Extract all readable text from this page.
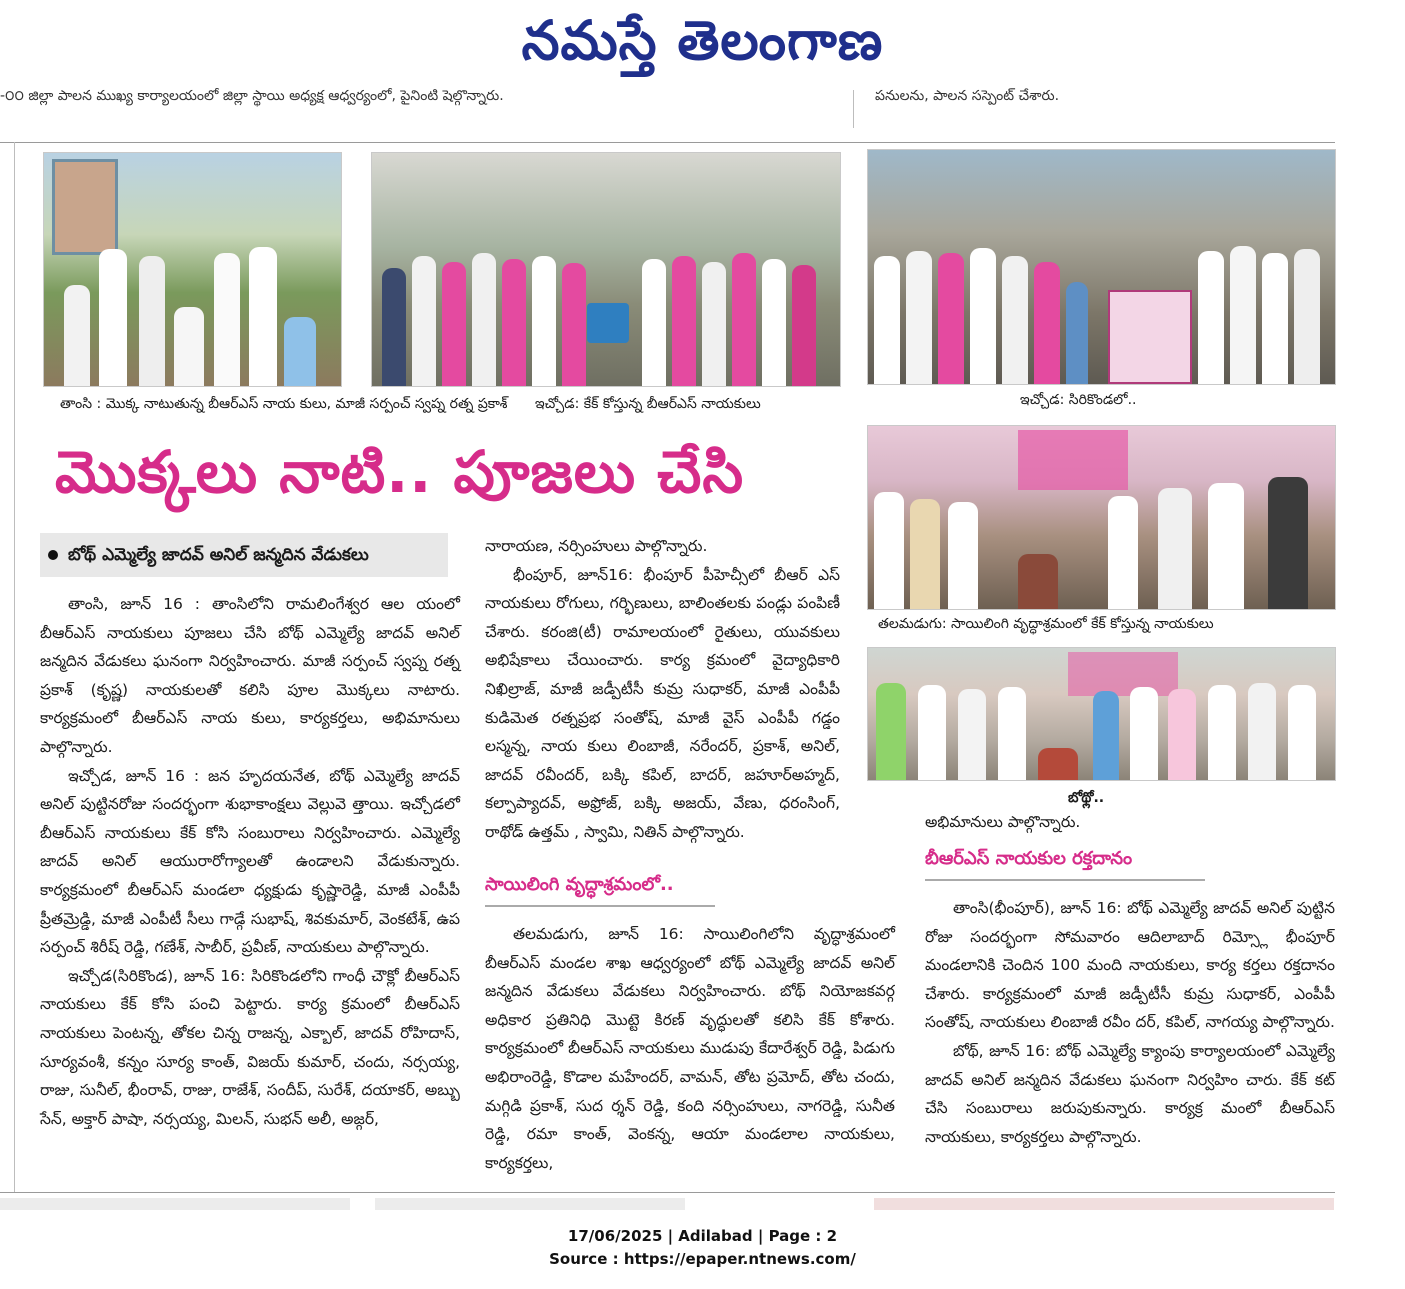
నమస్తే తెలంగాణ
-౦౦ జిల్లా పాలన ముఖ్య కార్యాలయంలో జిల్లా స్థాయి అధ్యక్ష ఆధ్వర్యంలో, పైనింటి షెల్గొన్నారు.	పనులను, పాలన సస్పెంట్ చేశారు.
తాంసి : మొక్క నాటుతున్న బీఆర్ఎస్ నాయ కులు, మాజీ సర్పంచ్ స్వప్న రత్న ప్రకాశ్ ఇచ్చోడ: కేక్ కోస్తున్న బీఆర్ఎస్ నాయకులు	ఇచ్చోడ: సిరికొండలో..
తలమడుగు: సాయిలింగి వృద్ధాశ్రమంలో కేక్ కోస్తున్న నాయకులు
బోథ్లో..
మొక్కలు నాటి.. పూజలు చేసి
బోథ్ ఎమ్మెల్యే జాదవ్ అనిల్ జన్మదిన వేడుకలు

తాంసి, జూన్ 16 : తాంసిలోని రామలింగేశ్వర ఆల యంలో బీఆర్ఎస్ నాయకులు పూజలు చేసి బోథ్ ఎమ్మెల్యే జాదవ్ అనిల్ జన్మదిన వేడుకలు ఘనంగా నిర్వహించారు. మాజీ సర్పంచ్ స్వప్న రత్న ప్రకాశ్ (కృష్ణ) నాయకులతో కలిసి పూల మొక్కలు నాటారు. కార్యక్రమంలో బీఆర్ఎస్ నాయ కులు, కార్యకర్తలు, అభిమానులు పాల్గొన్నారు.

ఇచ్చోడ, జూన్ 16 : జన హృదయనేత, బోథ్ ఎమ్మెల్యే జాదవ్ అనిల్ పుట్టినరోజు సందర్భంగా శుభాకాంక్షలు వెల్లువె త్తాయి. ఇచ్చోడలో బీఆర్ఎస్ నాయకులు కేక్ కోసి సంబురాలు నిర్వహించారు. ఎమ్మెల్యే జాదవ్ అనిల్ ఆయురారోగ్యాలతో ఉండాలని వేడుకున్నారు. కార్యక్రమంలో బీఆర్ఎస్ మండలా ధ్యక్షుడు కృష్ణారెడ్డి, మాజీ ఎంపీపీ ప్రీతమ్రెడ్డి, మాజీ ఎంపీటీ సీలు గాడ్గే సుభాష్, శివకుమార్, వెంకటేశ్, ఉప సర్పంచ్ శిరీష్ రెడ్డి, గణేశ్, సాబీర్, ప్రవీణ్, నాయకులు పాల్గొన్నారు.

ఇచ్చోడ(సిరికొండ), జూన్ 16: సిరికొండలోని గాంధీ చౌక్లో బీఆర్ఎస్ నాయకులు కేక్ కోసి పంచి పెట్టారు. కార్య క్రమంలో బీఆర్ఎస్ నాయకులు పెంటన్న, తోకల చిన్న రాజన్న, ఎక్బాల్, జాదవ్ రోహిదాస్, సూర్యవంశీ, కన్నం సూర్య కాంత్, విజయ్ కుమార్, చందు, నర్సయ్య, రాజు, సునీల్, భీంరావ్, రాజు, రాజేశ్, సందీప్, సురేశ్, దయాకర్, అబ్బు సేన్, అక్తార్ పాషా, నర్సయ్య, మిలన్, సుభన్ అలీ, అజ్గర్,

నారాయణ, నర్సింహులు పాల్గొన్నారు.

భీంపూర్, జూన్16: భీంపూర్ పీహెచ్సీలో బీఆర్ ఎస్ నాయకులు రోగులు, గర్భిణులు, బాలింతలకు పండ్లు పంపిణీ చేశారు. కరంజి(టీ) రామాలయంలో రైతులు, యువకులు అభిషేకాలు చేయించారు. కార్య క్రమంలో వైద్యాధికారి నిఖిల్రాజ్, మాజీ జడ్పీటీసీ కుమ్ర సుధాకర్, మాజీ ఎంపీపీ కుడిమెత రత్నప్రభ సంతోష్, మాజీ వైస్ ఎంపీపీ గడ్డం లస్మన్న, నాయ కులు లింబాజీ, నరేందర్, ప్రకాశ్, అనిల్, జాదవ్ రవీందర్, బక్కి కపిల్, బాదర్, జహూర్అహ్మద్, కల్పాప్యాదవ్, అఫ్రోజ్, బక్కి అజయ్, వేణు, ధరంసింగ్, రాథోడ్ ఉత్తమ్ , స్వామి, నితిన్ పాల్గొన్నారు.

సాయిలింగి వృద్ధాశ్రమంలో..

తలమడుగు, జూన్ 16: సాయిలింగిలోని వృద్ధాశ్రమంలో బీఆర్ఎస్ మండల శాఖ ఆధ్వర్యంలో బోథ్ ఎమ్మెల్యే జాదవ్ అనిల్ జన్మదిన వేడుకలు వేడుకలు నిర్వహించారు. బోథ్ నియోజకవర్గ అధికార ప్రతినిధి మొట్టె కిరణ్ వృద్ధులతో కలిసి కేక్ కోశారు. కార్యక్రమంలో బీఆర్ఎస్ నాయకులు ముడుపు కేదారేశ్వర్ రెడ్డి, పిడుగు అభిరాంరెడ్డి, కొడాల మహేందర్, వామన్, తోట ప్రమోద్, తోట చందు, మగ్గిడి ప్రకాశ్, సుద ర్శన్ రెడ్డి, కంది నర్సింహులు, నాగరెడ్డి, సునీత రెడ్డి, రమా కాంత్, వెంకన్న, ఆయా మండలాల నాయకులు, కార్యకర్తలు,

అభిమానులు పాల్గొన్నారు.

బీఆర్ఎస్ నాయకుల రక్తదానం

తాంసి(భీంపూర్), జూన్ 16: బోథ్ ఎమ్మెల్యే జాదవ్ అనిల్ పుట్టిన రోజు సందర్భంగా సోమవారం ఆదిలాబాద్ రిమ్స్లో భీంపూర్ మండలానికి చెందిన 100 మంది నాయకులు, కార్య కర్తలు రక్తదానం చేశారు. కార్యక్రమంలో మాజీ జడ్పీటీసీ కుమ్ర సుధాకర్, ఎంపీపీ సంతోష్, నాయకులు లింబాజీ రవీం దర్, కపిల్, నాగయ్య పాల్గొన్నారు.

బోథ్, జూన్ 16: బోథ్ ఎమ్మెల్యే క్యాంపు కార్యాలయంలో ఎమ్మెల్యే జాదవ్ అనిల్ జన్మదిన వేడుకలు ఘనంగా నిర్వహిం చారు. కేక్ కట్ చేసి సంబురాలు జరుపుకున్నారు. కార్యక్ర మంలో బీఆర్ఎస్ నాయకులు, కార్యకర్తలు పాల్గొన్నారు.

17/06/2025 | Adilabad | Page : 2
Source : https://epaper.ntnews.com/
